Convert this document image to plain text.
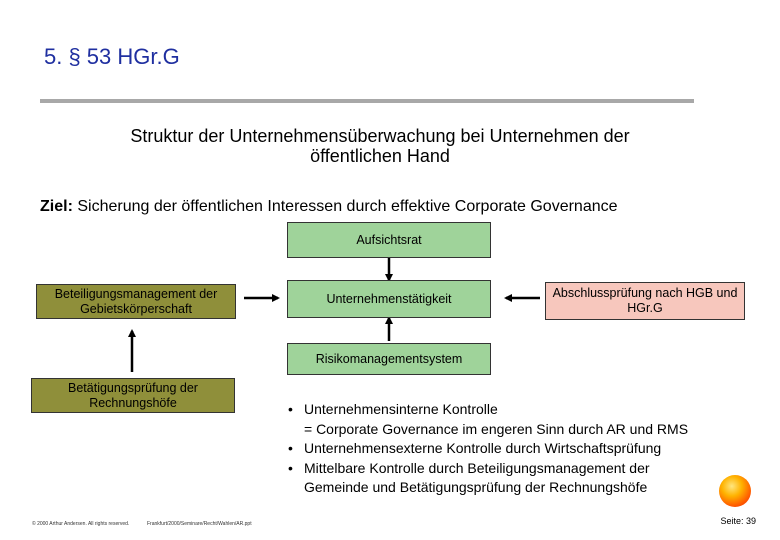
5. § 53 HGr.G
Struktur der Unternehmensüberwachung bei Unternehmen der
öffentlichen Hand
Ziel: Sicherung der öffentlichen Interessen durch effektive Corporate Governance
Aufsichtsrat
Beteiligungsmanagement der Gebietskörperschaft
Unternehmenstätigkeit	Abschlussprüfung nach HGB und HGr.G
Risikomanagementsystem
Betätigungsprüfung der Rechnungshöfe	• Unternehmensinterne Kontrolle
= Corporate Governance im engeren Sinn durch AR und RMS
• Unternehmensexterne Kontrolle durch Wirtschaftsprüfung
• Mittelbare Kontrolle durch Beteiligungsmanagement der
Gemeinde und Betätigungsprüfung der Rechnungshöfe
© 2000 Arthur Andersen. All rights reserved.	Frankfurt/2000/Seminare/Recht/Wahlen/AR.ppt	Seite: 39
